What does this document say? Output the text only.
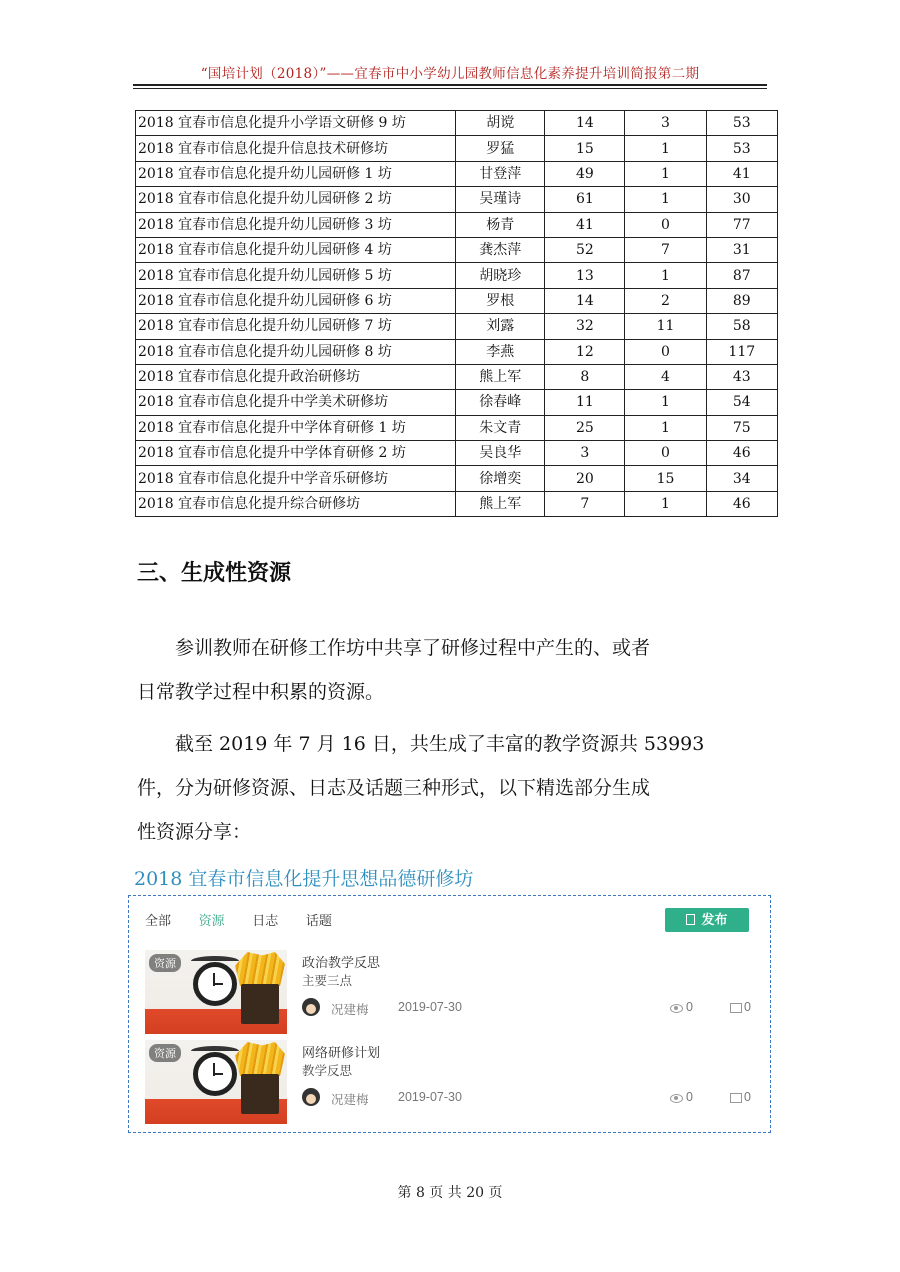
“国培计划（2018）”——宜春市中小学幼儿园教师信息化素养提升培训简报第二期
2018 宜春市信息化提升小学语文研修 9 坊	胡谠	14	3	53
2018 宜春市信息化提升信息技术研修坊	罗猛	15	1	53
2018 宜春市信息化提升幼儿园研修 1 坊	甘登萍	49	1	41
2018 宜春市信息化提升幼儿园研修 2 坊	吴瑾诗	61	1	30
2018 宜春市信息化提升幼儿园研修 3 坊	杨青	41	0	77
2018 宜春市信息化提升幼儿园研修 4 坊	龚杰萍	52	7	31
2018 宜春市信息化提升幼儿园研修 5 坊	胡晓珍	13	1	87
2018 宜春市信息化提升幼儿园研修 6 坊	罗根	14	2	89
2018 宜春市信息化提升幼儿园研修 7 坊	刘露	32	11	58
2018 宜春市信息化提升幼儿园研修 8 坊	李燕	12	0	117
2018 宜春市信息化提升政治研修坊	熊上军	8	4	43
2018 宜春市信息化提升中学美术研修坊	徐春峰	11	1	54
2018 宜春市信息化提升中学体育研修 1 坊	朱文青	25	1	75
2018 宜春市信息化提升中学体育研修 2 坊	吴良华	3	0	46
2018 宜春市信息化提升中学音乐研修坊	徐增奕	20	15	34
2018 宜春市信息化提升综合研修坊	熊上军	7	1	46
三、生成性资源
参训教师在研修工作坊中共享了研修过程中产生的、或者
日常教学过程中积累的资源。
截至 2019 年 7 月 16 日，共生成了丰富的教学资源共 53993
件，分为研修资源、日志及话题三种形式，以下精选部分生成
性资源分享：
2018 宜春市信息化提升思想品德研修坊
全部 资源 日志 话题	发布
资源	政治教学反思
主要三点
况建梅 2019-07-30	0	0
资源	网络研修计划
教学反思
况建梅 2019-07-30	0	0
第 8 页 共 20 页
